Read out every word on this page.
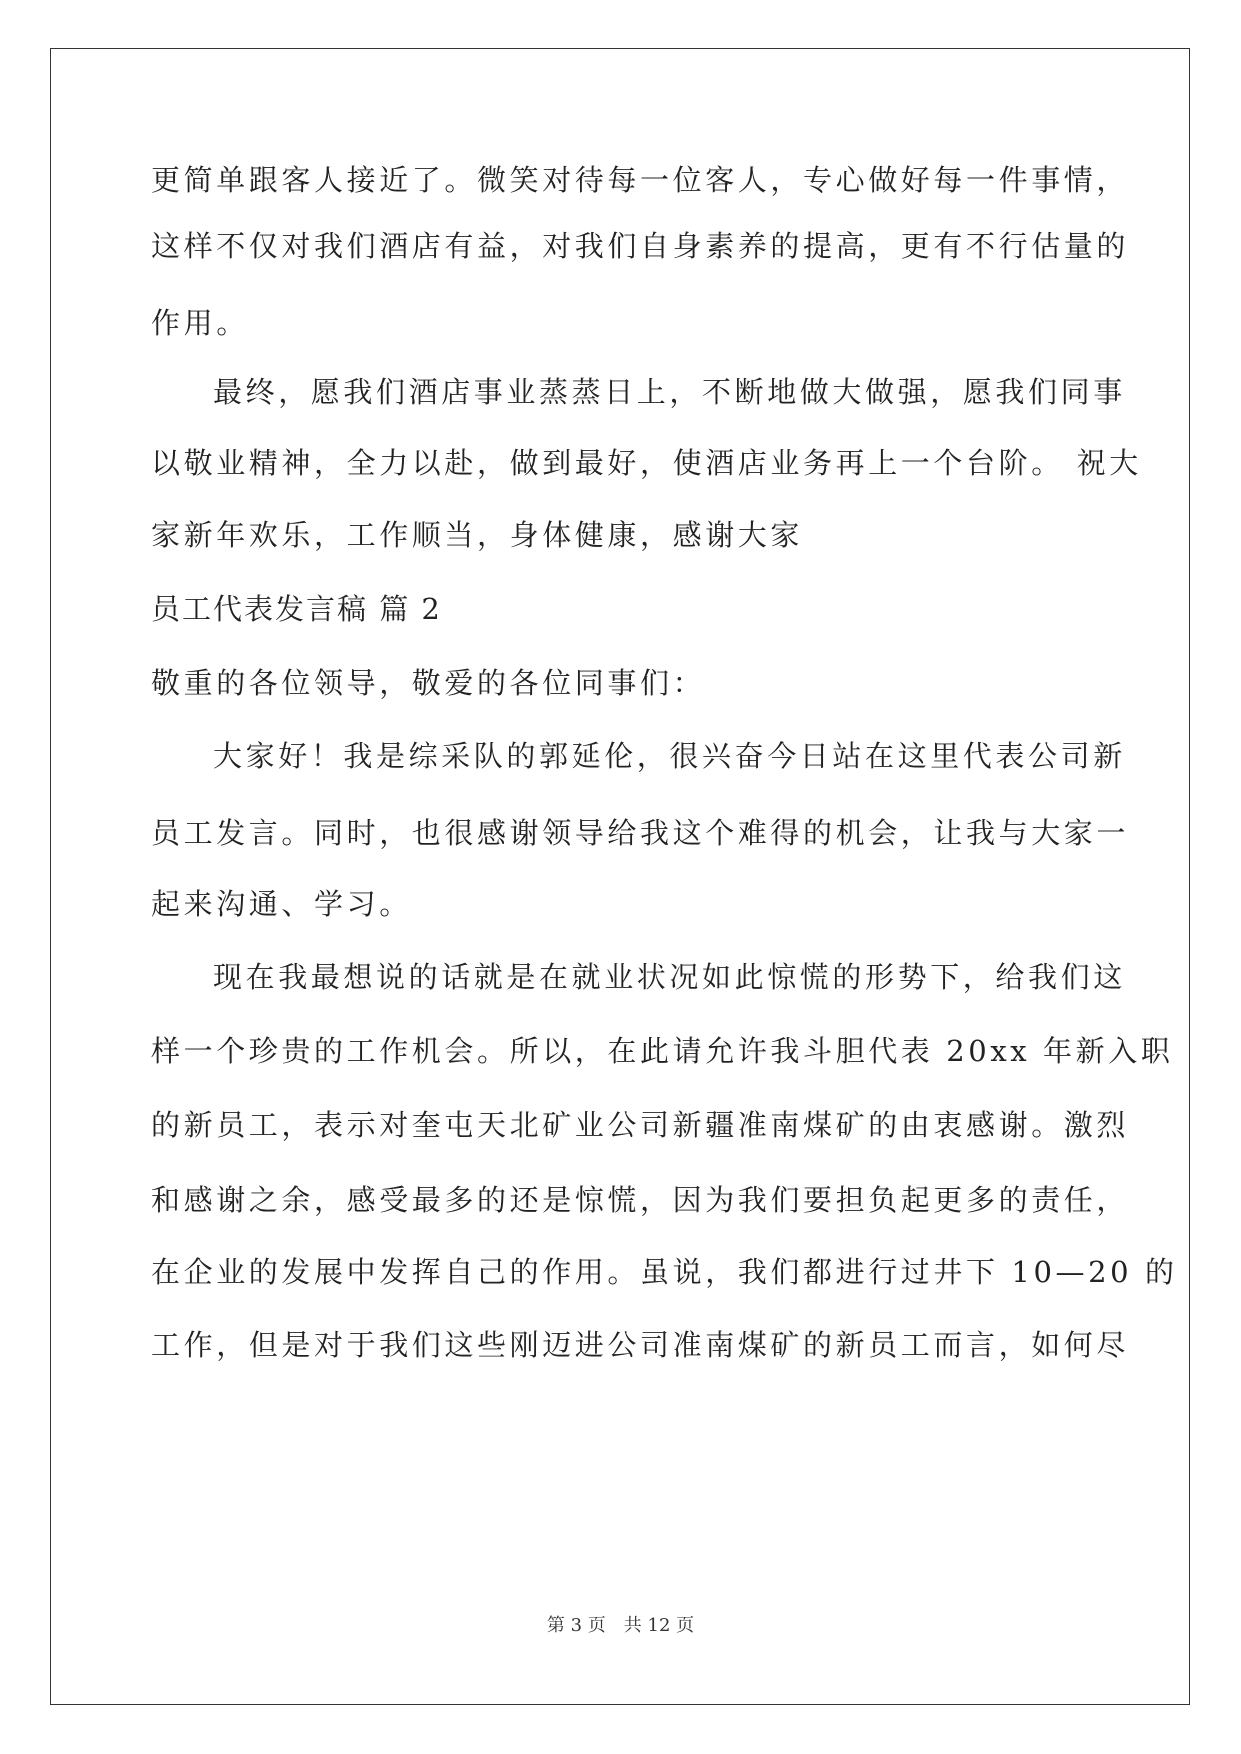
更简单跟客人接近了。微笑对待每一位客人，专心做好每一件事情，
这样不仅对我们酒店有益，对我们自身素养的提高，更有不行估量的
作用。
最终，愿我们酒店事业蒸蒸日上，不断地做大做强，愿我们同事
以敬业精神，全力以赴，做到最好，使酒店业务再上一个台阶。 祝大
家新年欢乐，工作顺当，身体健康，感谢大家
员工代表发言稿 篇 2
敬重的各位领导，敬爱的各位同事们：
大家好！我是综采队的郭延伦，很兴奋今日站在这里代表公司新
员工发言。同时，也很感谢领导给我这个难得的机会，让我与大家一
起来沟通、学习。
现在我最想说的话就是在就业状况如此惊慌的形势下，给我们这
样一个珍贵的工作机会。所以，在此请允许我斗胆代表 20xx 年新入职
的新员工，表示对奎屯天北矿业公司新疆准南煤矿的由衷感谢。激烈
和感谢之余，感受最多的还是惊慌，因为我们要担负起更多的责任，
在企业的发展中发挥自己的作用。虽说，我们都进行过井下 10—20 的
工作，但是对于我们这些刚迈进公司准南煤矿的新员工而言，如何尽
第 3 页　共 12 页
